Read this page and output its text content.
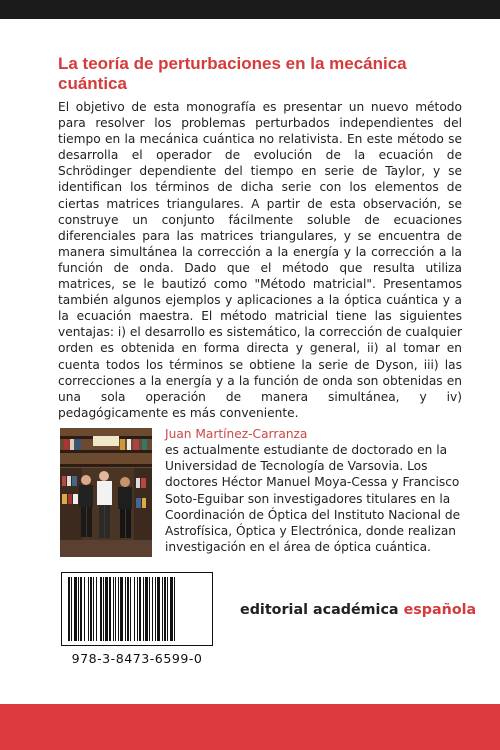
La teoría de perturbaciones en la mecánica cuántica

El objetivo de esta monografía es presentar un nuevo método para resolver los problemas perturbados independientes del tiempo en la mecánica cuántica no relativista. En este método se desarrolla el operador de evolución de la ecuación de Schrödinger dependiente del tiempo en serie de Taylor, y se identifican los términos de dicha serie con los elementos de ciertas matrices triangulares. A partir de esta observación, se construye un conjunto fácilmente soluble de ecuaciones diferenciales para las matrices triangulares, y se encuentra de manera simultánea la corrección a la energía y la corrección a la función de onda. Dado que el método que resulta utiliza matrices, se le bautizó como "Método matricial". Presentamos también algunos ejemplos y aplicaciones a la óptica cuántica y a la ecuación maestra. El método matricial tiene las siguientes ventajas: i) el desarrollo es sistemático, la corrección de cualquier orden es obtenida en forma directa y general, ii) al tomar en cuenta todos los términos se obtiene la serie de Dyson, iii) las correcciones a la energía y a la función de onda son obtenidas en una sola operación de manera simultánea, y iv) pedagógicamente es más conveniente.

Juan Martínez-Carranza

es actualmente estudiante de doctorado en la Universidad de Tecnología de Varsovia. Los doctores Héctor Manuel Moya-Cessa y Francisco Soto-Eguibar son investigadores titulares en la Coordinación de Óptica del Instituto Nacional de Astrofísica, Óptica y Electrónica, donde realizan investigación en el área de óptica cuántica.

978-3-8473-6599-0

editorial académica española
